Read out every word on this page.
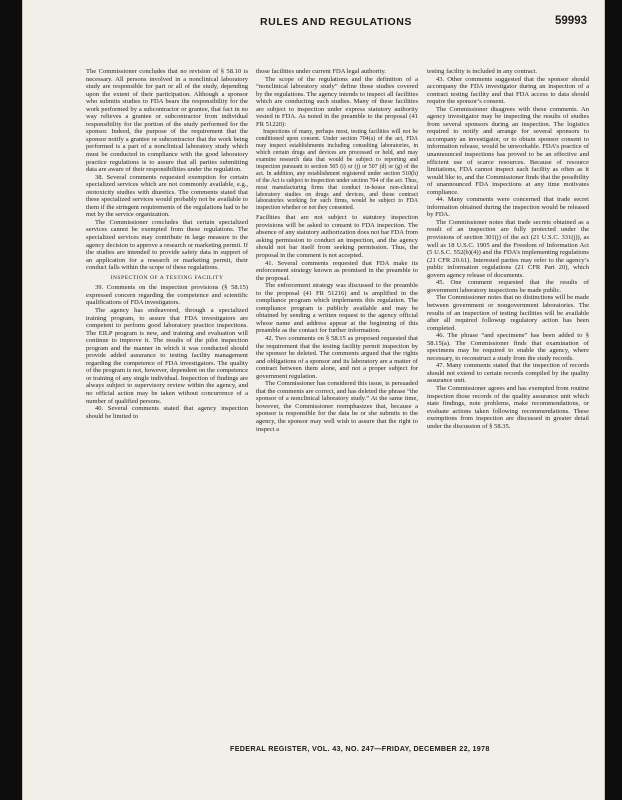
RULES AND REGULATIONS	59993

The Commissioner concludes that no revision of § 58.10 is necessary. All persons involved in a nonclinical laboratory study are responsible for part or all of the study, depending upon the extent of their participation. Although a sponsor who submits studies to FDA bears the responsibility for the work performed by a subcontractor or grantee, that fact in no way relieves a grantee or subcontractor from individual responsibility for the portion of the study performed for the sponsor. Indeed, the purpose of the requirement that the sponsor notify a grantee or subcontractor that the work being performed is a part of a nonclinical laboratory study which must be conducted in compliance with the good laboratory practice regulations is to assure that all parties submitting data are aware of their responsibilities under the regulation.

38. Several comments requested exemption for certain specialized services which are not commonly available, e.g., ototoxicity studies with diuretics. The comments stated that these specialized services would probably not be available to them if the stringent requirements of the regulations had to be met by the service organization.

The Commissioner concludes that certain specialized services cannot be exempted from these regulations. The specialized services may contribute in large measure to the agency decision to approve a research or marketing permit. If the studies are intended to provide safety data in support of an application for a research or marketing permit, their conduct falls within the scope of these regulations.

INSPECTION OF A TESTING FACILITY

39. Comments on the inspection provisions (§ 58.15) expressed concern regarding the competence and scientific qualifications of FDA investigators.

The agency has endeavored, through a specialized training program, to assure that FDA investigators are competent to perform good laboratory practice inspections. The EILP program is new, and training and evaluation will continue to improve it. The results of the pilot inspection program and the manner in which it was conducted should provide added assurance to testing facility management regarding the competence of FDA investigators. The quality of the program is not, however, dependent on the competence or training of any single individual. Inspection of findings are always subject to supervisory review within the agency, and no official action may be taken without concurrence of a number of qualified persons.

40. Several comments stated that agency inspection should be limited to

those facilities under current FDA legal authority.

The scope of the regulations and the definition of a “nonclinical laboratory study” define those studies covered by the regulations. The agency intends to inspect all facilities which are conducting such studies. Many of these facilities are subject to inspection under express statutory authority vested in FDA. As noted in the preamble to the proposal (41 FR 51220):

Inspections of many, perhaps most, testing facilities will not be conditioned upon consent. Under section 704(a) of the act, FDA may inspect establishments including consulting laboratories, in which certain drugs and devices are processed or held, and may examine research data that would be subject to reporting and inspection pursuant to section 505 (i) or (j) or 507 (d) or (g) of the act. In addition, any establishment registered under section 510(h) of the Act is subject to inspection under section 704 of the act. Thus, most manufacturing firms that conduct in-house non-clinical laboratory studies on drugs and devices, and those contract laboratories working for such firms, would be subject to FDA inspection whether or not they consented.

Facilities that are not subject to statutory inspection provisions will be asked to consent to FDA inspection. The absence of any statutory authorization does not bar FDA from asking permission to conduct an inspection, and the agency should not bar itself from seeking permission. Thus, the proposal in the comment is not accepted.

41. Several comments requested that FDA make its enforcement strategy known as promised in the preamble to the proposal.

The enforcement strategy was discussed to the preamble to the proposal (41 FR 51216) and is amplified in the compliance program which implements this regulation. The compliance program is publicly available and may be obtained by sending a written request to the agency official whose name and address appear at the beginning of this preamble as the contact for further information.

42. Two comments on § 58.15 as proposed requested that the requirement that the testing facility permit inspection by the sponsor be deleted. The comments argued that the rights and obligations of a sponsor and its laboratory are a matter of contract between them alone, and not a proper subject for government regulation.

The Commissioner has considered this issue, is persuaded that the comments are correct, and has deleted the phrase “the sponsor of a nonclinical laboratory study.” At the same time, however, the Commissioner reemphasizes that, because a sponsor is responsible for the data he or she submits to the agency, the sponsor may well wish to assure that the right to inspect a

testing facility is included in any contract.

43. Other comments suggested that the sponsor should accompany the FDA investigator during an inspection of a contract testing facility and that FDA access to data should require the sponsor’s consent.

The Commissioner disagrees with these comments. An agency investigator may be inspecting the results of studies from several sponsors during an inspection. The logistics required to notify and arrange for several sponsors to accompany an investigator, or to obtain sponsor consent to information release, would be unworkable. FDA’s practice of unannounced inspections has proved to be an effective and efficient use of scarce resources. Because of resource limitations, FDA cannot inspect each facility as often as it would like to, and the Commissioner finds that the possibility of unannounced FDA inspections at any time motivates compliance.

44. Many comments were concerned that trade secret information obtained during the inspection would be released by FDA.

The Commissioner notes that trade secrets obtained as a result of an inspection are fully protected under the provisions of section 301(j) of the act (21 U.S.C. 331(j)), as well as 18 U.S.C. 1905 and the Freedom of Information Act (5 U.S.C. 552(b)(4)) and the FDA’s implementing regulations (21 CFR 20.61). Interested parties may refer to the agency’s public information regulations (21 CFR Part 20), which govern agency release of documents.

45. One comment requested that the results of government laboratory inspections be made public.

The Commissioner notes that no distinctions will be made between government or nongovernment laboratories. The results of an inspection of testing facilities will be available after all required followup regulatory action has been completed.

46. The phrase “and specimens” has been added to § 58.15(a). The Commissioner finds that examination of specimens may be required to enable the agency, where necessary, to reconstruct a study from the study records.

47. Many comments stated that the inspection of records should not extend to certain records compiled by the quality assurance unit.

The Commissioner agrees and has exempted from routine inspection those records of the quality assurance unit which state findings, note problems, make recommendations, or evaluate actions taken following recommendations. These exemptions from inspection are discussed in greater detail under the discussion of § 58.35.

FEDERAL REGISTER, VOL. 43, NO. 247—FRIDAY, DECEMBER 22, 1978
